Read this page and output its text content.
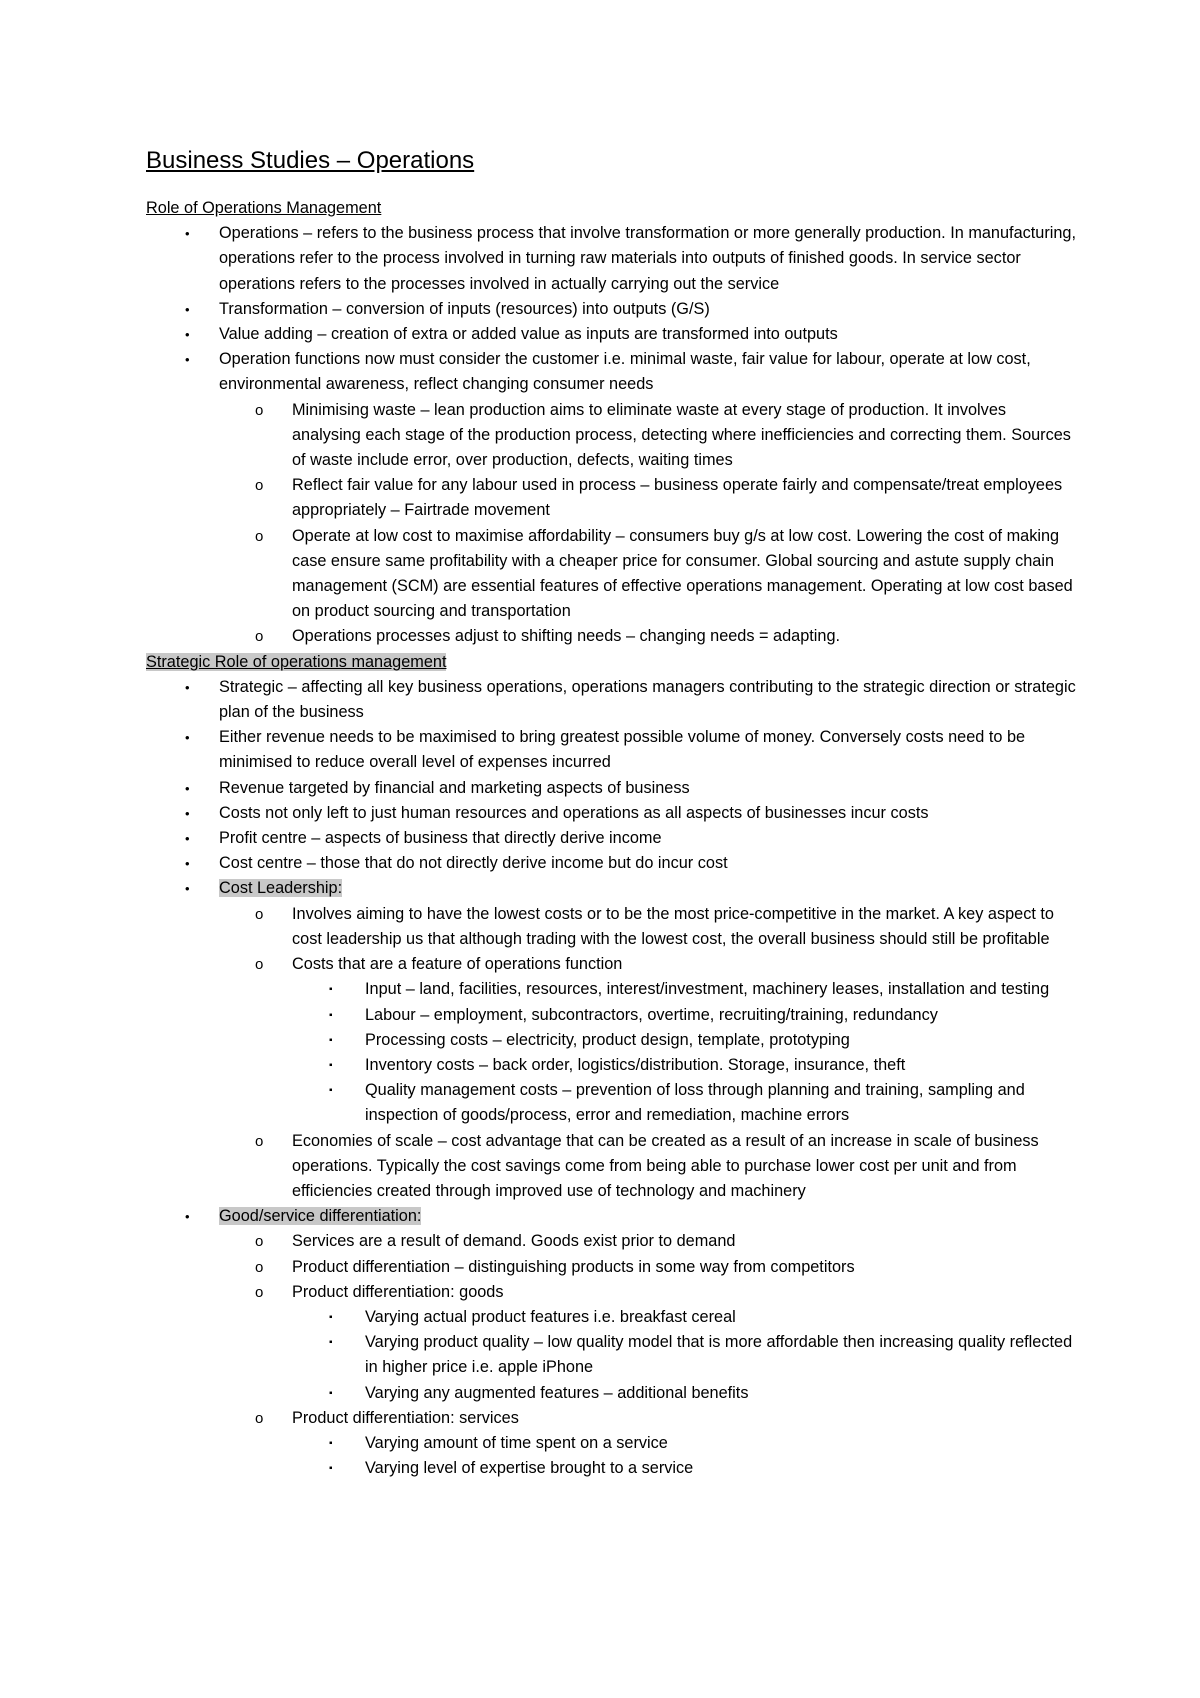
Business Studies – Operations
Role of Operations Management
• Operations – refers to the business process that involve transformation or more generally production. In manufacturing, operations refer to the process involved in turning raw materials into outputs of finished goods. In service sector operations refers to the processes involved in actually carrying out the service
• Transformation – conversion of inputs (resources) into outputs (G/S)
• Value adding – creation of extra or added value as inputs are transformed into outputs
• Operation functions now must consider the customer i.e. minimal waste, fair value for labour, operate at low cost, environmental awareness, reflect changing consumer needs
o Minimising waste – lean production aims to eliminate waste at every stage of production. It involves analysing each stage of the production process, detecting where inefficiencies and correcting them. Sources of waste include error, over production, defects, waiting times
o Reflect fair value for any labour used in process – business operate fairly and compensate/treat employees appropriately – Fairtrade movement
o Operate at low cost to maximise affordability – consumers buy g/s at low cost. Lowering the cost of making case ensure same profitability with a cheaper price for consumer. Global sourcing and astute supply chain management (SCM) are essential features of effective operations management. Operating at low cost based on product sourcing and transportation
o Operations processes adjust to shifting needs – changing needs = adapting.
Strategic Role of operations management
• Strategic – affecting all key business operations, operations managers contributing to the strategic direction or strategic plan of the business
• Either revenue needs to be maximised to bring greatest possible volume of money. Conversely costs need to be minimised to reduce overall level of expenses incurred
• Revenue targeted by financial and marketing aspects of business
• Costs not only left to just human resources and operations as all aspects of businesses incur costs
• Profit centre – aspects of business that directly derive income
• Cost centre – those that do not directly derive income but do incur cost
• Cost Leadership:
o Involves aiming to have the lowest costs or to be the most price-competitive in the market. A key aspect to cost leadership us that although trading with the lowest cost, the overall business should still be profitable
o Costs that are a feature of operations function
▪ Input – land, facilities, resources, interest/investment, machinery leases, installation and testing
▪ Labour – employment, subcontractors, overtime, recruiting/training, redundancy
▪ Processing costs – electricity, product design, template, prototyping
▪ Inventory costs – back order, logistics/distribution. Storage, insurance, theft
▪ Quality management costs – prevention of loss through planning and training, sampling and inspection of goods/process, error and remediation, machine errors
o Economies of scale – cost advantage that can be created as a result of an increase in scale of business operations. Typically the cost savings come from being able to purchase lower cost per unit and from efficiencies created through improved use of technology and machinery
• Good/service differentiation:
o Services are a result of demand. Goods exist prior to demand
o Product differentiation – distinguishing products in some way from competitors
o Product differentiation: goods
▪ Varying actual product features i.e. breakfast cereal
▪ Varying product quality – low quality model that is more affordable then increasing quality reflected in higher price i.e. apple iPhone
▪ Varying any augmented features – additional benefits
o Product differentiation: services
▪ Varying amount of time spent on a service
▪ Varying level of expertise brought to a service
